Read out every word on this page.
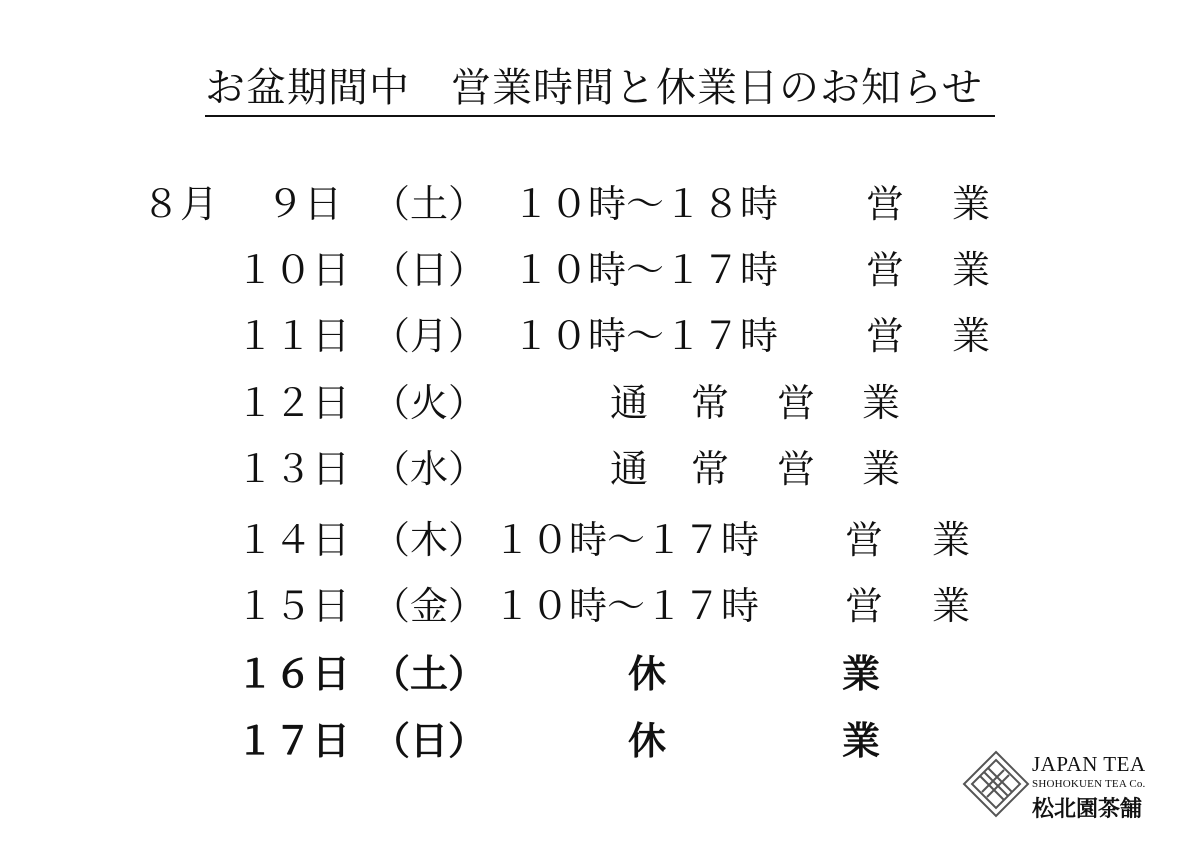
お盆期間中　営業時間と休業日のお知らせ
８月 ９日 （土） １０時～１８時 営 業
１０日 （日） １０時～１７時 営 業
１１日 （月） １０時～１７時 営 業
１２日 （火）	通 常 営 業
１３日 （水）	通 常 営 業
１４日 （木） １０時～１７時 営 業
１５日 （金） １０時～１７時 営 業
１６日 （土）	休	業
１７日 （日）	休	業
JAPAN TEA
SHOHOKUEN TEA Co.
松北園茶舗
